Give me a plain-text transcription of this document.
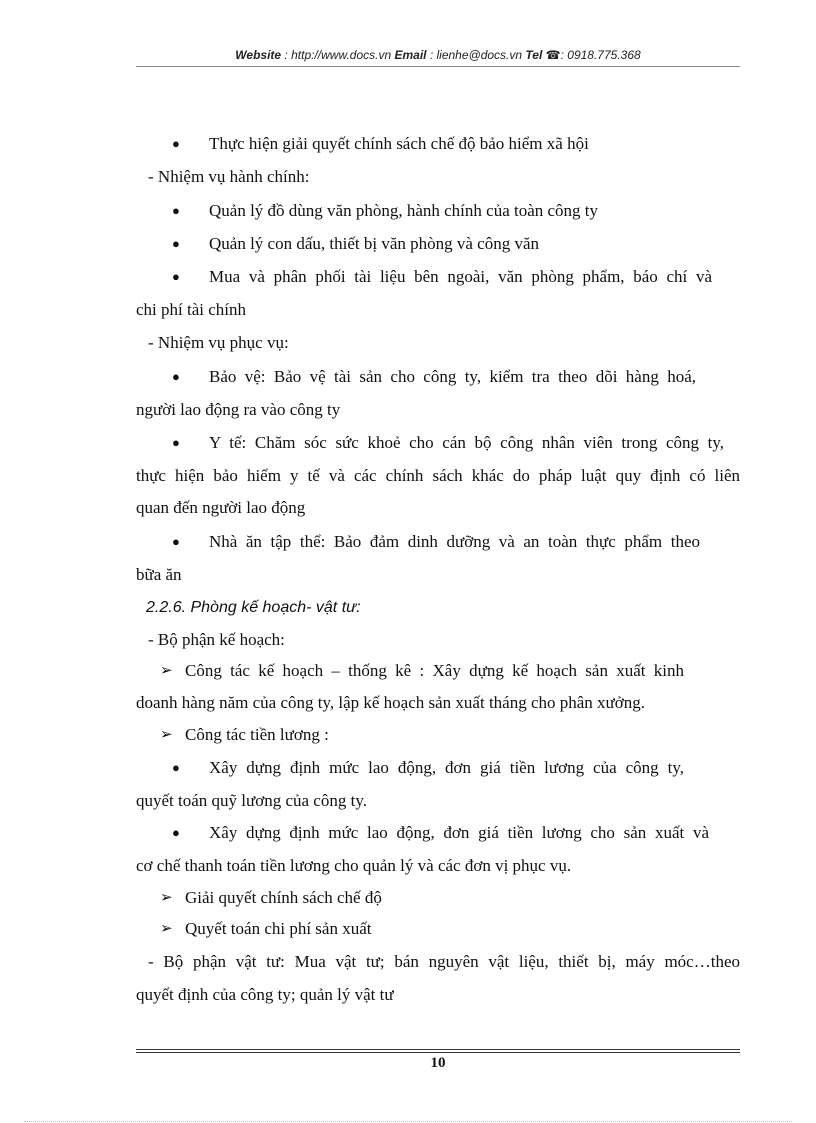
Website : http://www.docs.vn Email : lienhe@docs.vn Tel ☎: 0918.775.368
● Thực hiện giải quyết chính sách chế độ bảo hiểm xã hội
- Nhiệm vụ hành chính:
● Quản lý đồ dùng văn phòng, hành chính của toàn công ty
● Quản lý con dấu, thiết bị văn phòng và công văn
● Mua và phân phối tài liệu bên ngoài, văn phòng phẩm, báo chí và
chi phí tài chính
- Nhiệm vụ phục vụ:
● Bảo vệ: Bảo vệ tài sản cho công ty, kiểm tra theo dõi hàng hoá,
người lao động ra vào công ty
● Y tế: Chăm sóc sức khoẻ cho cán bộ công nhân viên trong công ty,
thực hiện bảo hiểm y tế và các chính sách khác do pháp luật quy định có liên
quan đến người lao động
● Nhà ăn tập thể: Bảo đảm dinh dưỡng và an toàn thực phẩm theo
bữa ăn
2.2.6. Phòng kế hoạch- vật tư:
- Bộ phận kế hoạch:
➢ Công tác kế hoạch – thống kê : Xây dựng kế hoạch sản xuất kinh
doanh hàng năm của công ty, lập kế hoạch sản xuất tháng cho phân xưởng.
➢ Công tác tiền lương :
● Xây dựng định mức lao động, đơn giá tiền lương của công ty,
quyết toán quỹ lương của công ty.
● Xây dựng định mức lao động, đơn giá tiền lương cho sản xuất và
cơ chế thanh toán tiền lương cho quản lý và các đơn vị phục vụ.
➢ Giải quyết chính sách chế độ
➢ Quyết toán chi phí sản xuất
- Bộ phận vật tư: Mua vật tư; bán nguyên vật liệu, thiết bị, máy móc…theo
quyết định của công ty; quản lý vật tư
10
